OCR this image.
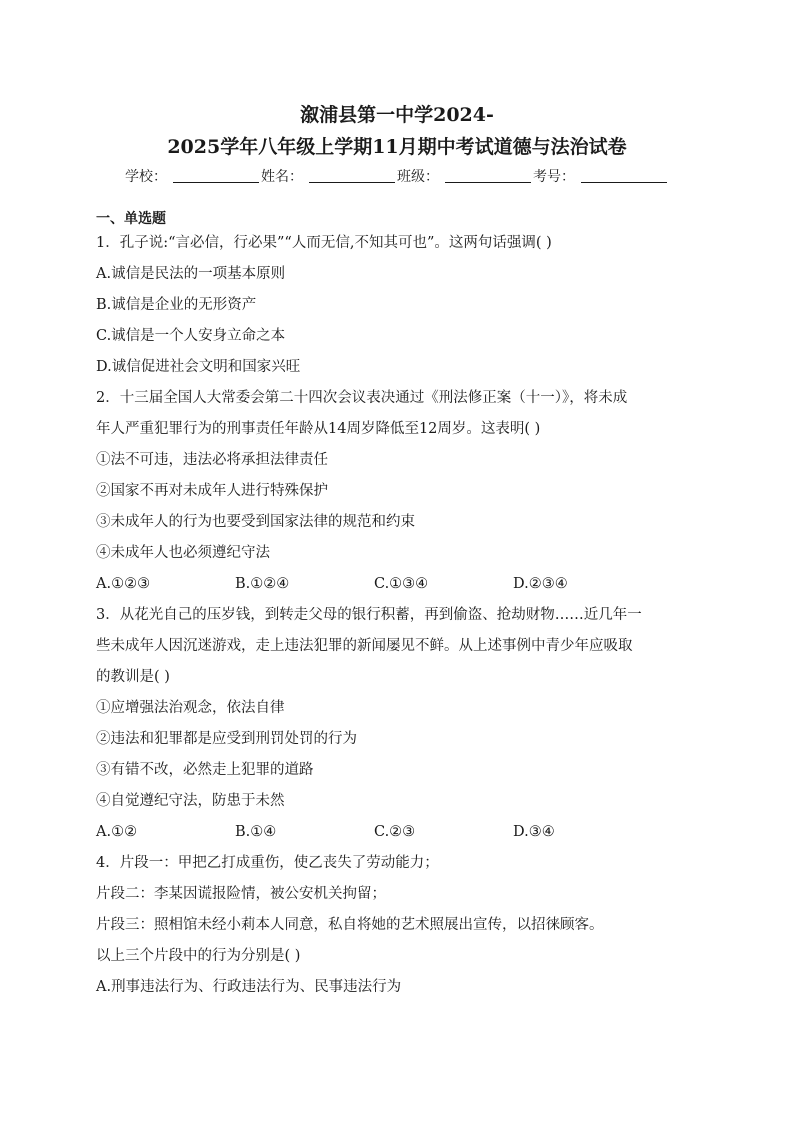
溆浦县第一中学2024-
2025学年八年级上学期11月期中考试道德与法治试卷
学校：	姓名：	班级：	考号：
一、单选题
1．孔子说:“言必信，行必果”“人而无信,不知其可也”。这两句话强调( )
A.诚信是民法的一项基本原则
B.诚信是企业的无形资产
C.诚信是一个人安身立命之本
D.诚信促进社会文明和国家兴旺
2．十三届全国人大常委会第二十四次会议表决通过《刑法修正案（十一）》，将未成
年人严重犯罪行为的刑事责任年龄从14周岁降低至12周岁。这表明( )
①法不可违，违法必将承担法律责任
②国家不再对未成年人进行特殊保护
③未成年人的行为也要受到国家法律的规范和约束
④未成年人也必须遵纪守法
A.①②③	B.①②④	C.①③④	D.②③④
3．从花光自己的压岁钱，到转走父母的银行积蓄，再到偷盗、抢劫财物……近几年一
些未成年人因沉迷游戏，走上违法犯罪的新闻屡见不鲜。从上述事例中青少年应吸取
的教训是( )
①应增强法治观念，依法自律
②违法和犯罪都是应受到刑罚处罚的行为
③有错不改，必然走上犯罪的道路
④自觉遵纪守法，防患于未然
A.①②	B.①④	C.②③	D.③④
4．片段一：甲把乙打成重伤，使乙丧失了劳动能力；
片段二：李某因谎报险情，被公安机关拘留；
片段三：照相馆未经小莉本人同意，私自将她的艺术照展出宣传，以招徕顾客。
以上三个片段中的行为分别是( )
A.刑事违法行为、行政违法行为、民事违法行为
